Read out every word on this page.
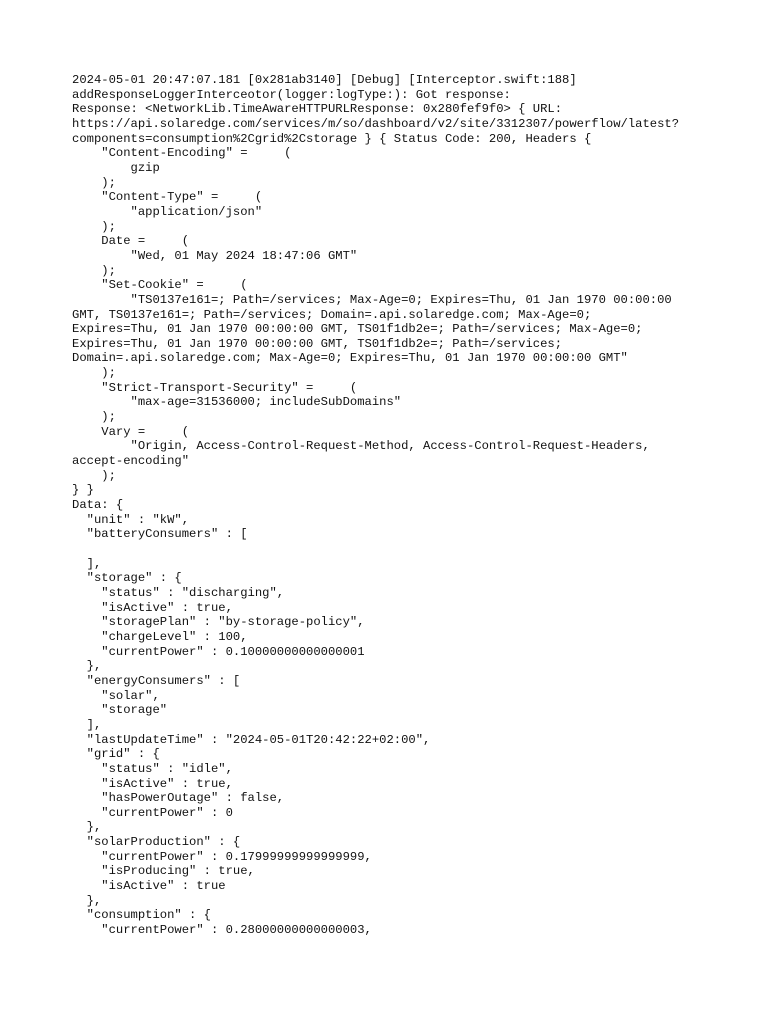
2024-05-01 20:47:07.181 [0x281ab3140] [Debug] [Interceptor.swift:188]
addResponseLoggerInterceotor(logger:logType:): Got response:
Response: <NetworkLib.TimeAwareHTTPURLResponse: 0x280fef9f0> { URL:
https://api.solaredge.com/services/m/so/dashboard/v2/site/3312307/powerflow/latest?
components=consumption%2Cgrid%2Cstorage } { Status Code: 200, Headers {
"Content-Encoding" =     (
gzip
);
"Content-Type" =     (
"application/json"
);
Date =     (
"Wed, 01 May 2024 18:47:06 GMT"
);
"Set-Cookie" =     (
"TS0137e161=; Path=/services; Max-Age=0; Expires=Thu, 01 Jan 1970 00:00:00
GMT, TS0137e161=; Path=/services; Domain=.api.solaredge.com; Max-Age=0;
Expires=Thu, 01 Jan 1970 00:00:00 GMT, TS01f1db2e=; Path=/services; Max-Age=0;
Expires=Thu, 01 Jan 1970 00:00:00 GMT, TS01f1db2e=; Path=/services;
Domain=.api.solaredge.com; Max-Age=0; Expires=Thu, 01 Jan 1970 00:00:00 GMT"
);
"Strict-Transport-Security" =     (
"max-age=31536000; includeSubDomains"
);
Vary =     (
"Origin, Access-Control-Request-Method, Access-Control-Request-Headers,
accept-encoding"
);
} }
Data: {
"unit" : "kW",
"batteryConsumers" : [
],
"storage" : {
"status" : "discharging",
"isActive" : true,
"storagePlan" : "by-storage-policy",
"chargeLevel" : 100,
"currentPower" : 0.10000000000000001
},
"energyConsumers" : [
"solar",
"storage"
],
"lastUpdateTime" : "2024-05-01T20:42:22+02:00",
"grid" : {
"status" : "idle",
"isActive" : true,
"hasPowerOutage" : false,
"currentPower" : 0
},
"solarProduction" : {
"currentPower" : 0.17999999999999999,
"isProducing" : true,
"isActive" : true
},
"consumption" : {
"currentPower" : 0.28000000000000003,
